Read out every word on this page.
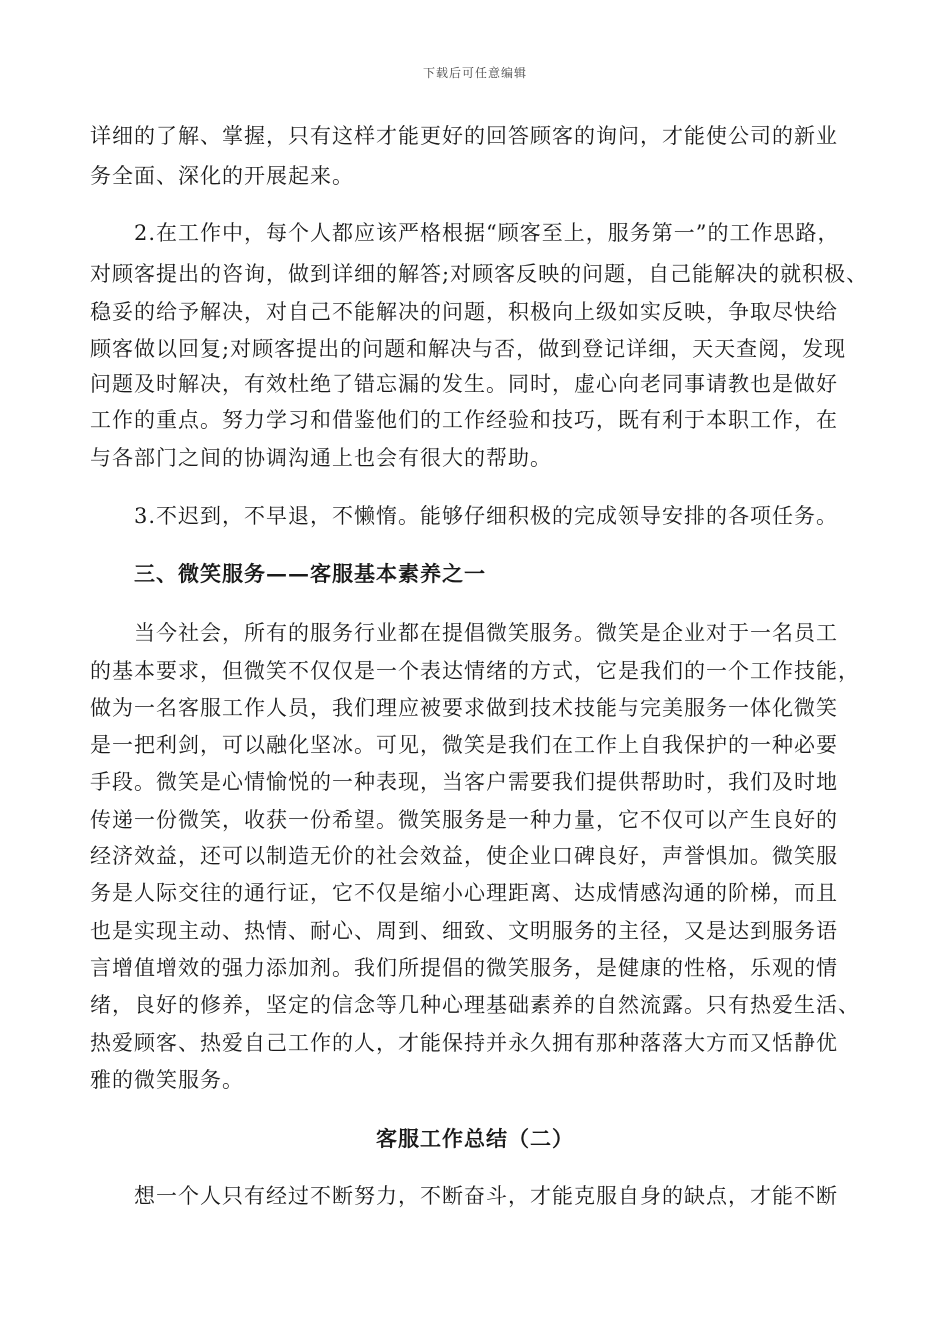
下载后可任意编辑
详细的了解、掌握，只有这样才能更好的回答顾客的询问，才能使公司的新业
务全面、深化的开展起来。
2.在工作中，每个人都应该严格根据“顾客至上，服务第一”的工作思路，
对顾客提出的咨询，做到详细的解答;对顾客反映的问题，自己能解决的就积极、
稳妥的给予解决，对自己不能解决的问题，积极向上级如实反映，争取尽快给
顾客做以回复;对顾客提出的问题和解决与否，做到登记详细，天天查阅，发现
问题及时解决，有效杜绝了错忘漏的发生。同时，虚心向老同事请教也是做好
工作的重点。努力学习和借鉴他们的工作经验和技巧，既有利于本职工作，在
与各部门之间的协调沟通上也会有很大的帮助。
3.不迟到，不早退，不懒惰。能够仔细积极的完成领导安排的各项任务。
三、微笑服务——客服基本素养之一
当今社会，所有的服务行业都在提倡微笑服务。微笑是企业对于一名员工
的基本要求，但微笑不仅仅是一个表达情绪的方式，它是我们的一个工作技能，
做为一名客服工作人员，我们理应被要求做到技术技能与完美服务一体化微笑
是一把利剑，可以融化坚冰。可见，微笑是我们在工作上自我保护的一种必要
手段。微笑是心情愉悦的一种表现，当客户需要我们提供帮助时，我们及时地
传递一份微笑，收获一份希望。微笑服务是一种力量，它不仅可以产生良好的
经济效益，还可以制造无价的社会效益，使企业口碑良好，声誉惧加。微笑服
务是人际交往的通行证，它不仅是缩小心理距离、达成情感沟通的阶梯，而且
也是实现主动、热情、耐心、周到、细致、文明服务的主径，又是达到服务语
言增值增效的强力添加剂。我们所提倡的微笑服务，是健康的性格，乐观的情
绪，良好的修养，坚定的信念等几种心理基础素养的自然流露。只有热爱生活、
热爱顾客、热爱自己工作的人，才能保持并永久拥有那种落落大方而又恬静优
雅的微笑服务。
客服工作总结（二）
想一个人只有经过不断努力，不断奋斗，才能克服自身的缺点，才能不断
